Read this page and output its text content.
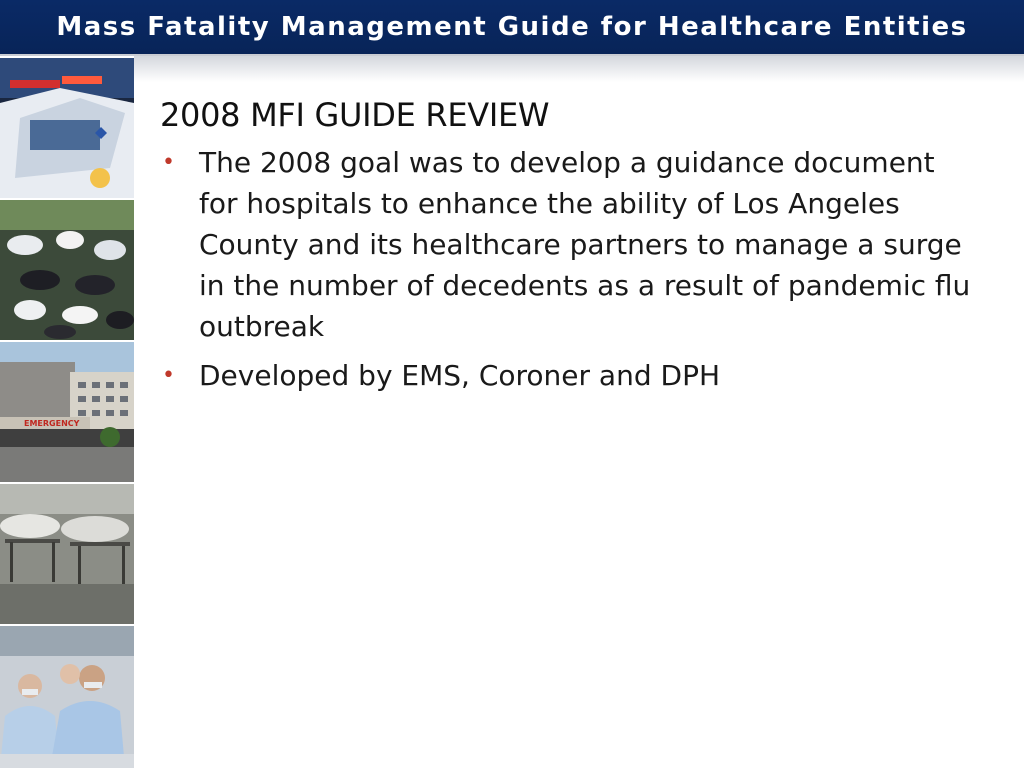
Mass Fatality Management Guide for Healthcare Entities
EMERGENCY
2008 MFI GUIDE REVIEW
• The 2008 goal was to develop a guidance document for hospitals to enhance the ability of Los Angeles County and its healthcare partners to manage a surge in the number of decedents as a result of pandemic flu outbreak
• Developed by EMS, Coroner and DPH
